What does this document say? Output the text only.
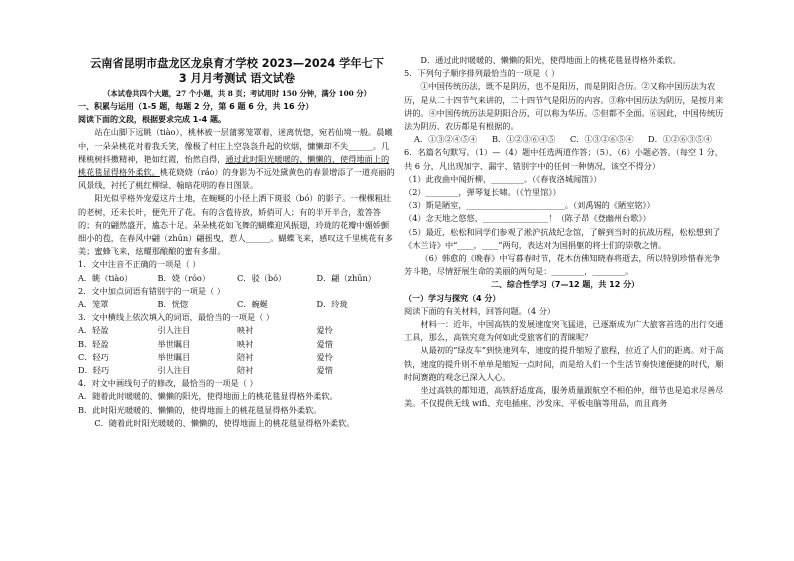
云南省昆明市盘龙区龙泉育才学校 2023—2024 学年七下
3 月月考测试 语文试卷
（本试卷共四个大题，27 个小题，共 8 页；考试用时 150 分钟，满分 100 分）

一、积累与运用（1-5 题，每题 2 分，第 6 题 6 分，共 16 分）

阅读下面的文段，根据要求完成 1-4 题。

站在山脚下远眺（tiào），桃林被一层蒲雾笼罩着，迷离恍惚，宛若仙境一般。晨曦中，一朵朵桃花对着我夭笑，像极了村庄上空袅袅升起的炊烟，慵懒却不失______。几棵桃树抖擞精神，艳如红霞，怡然自得，通过此时阳光暖暖的、懒懒的，使得地面上的桃花毯显得格外柔软。桃花娆娆（ráo）的身影为不远处黛黄色的春景增添了一道亮丽的风景线，衬托了桃红柳绿、翰暗花明的春日图景。

阳光似乎格外宠爱这片土地，在蜿蜒的小径上洒下斑驳（bó）的影子。一棵棵粗壮的老树，还未长叶，便先开了花。有的含苞待放，娇俏可人；有的半开半合，羞答答的；有的翩然盛开，尴态十足。朵朵桃花如飞舞的蝴蝶迎风振翅，玲珑的花瓣中媚娇颤细小的苞，在春风中翩（zhūn）翩摇曳，惹人______。蝴蝶飞来，感叹这千里桃花有多美；蜜蜂飞来，炫耀那酿酿的蜜有多甜。

1．文中注音不正确的一项是（ ）

A．眺（tiào）	B．娆（róo）	C．驳（bó）	D．翩（zhūn）

2．文中加点词语有错别字的一项是（ ）

A．笼罩	B．恍惚	C．蜿蜒	D．玲珑

3．文中横线上依次填入的词语，最恰当的一项是（ ）

A．轻盈	引人注目	映衬	爱怜
B．轻盈	举世瞩目	映衬	爱惜
C．轻巧	举世瞩目	陪衬	爱怜
D．轻巧	引人注目	陪衬	爱惜

4．对文中画线句子的修改，最恰当的一项是（ ）

A．随着此时暖暖的、懒懒的阳光，使得地面上的桃花毯显得格外柔软。

B．此时阳光暖暖的、懒懒的，使得地面上的桃花毯显得格外柔软。

C．随着此时阳光暖暖的、懒懒的，使得地面上的桃花毯显得格外柔软。

D．通过此时暖暖的、懒懒的阳光，使得地面上的桃花毯显得格外柔软。

5．下列句子顺序排列最恰当的一项是（ ）

①中国传统历法，既不是阴历，也不是阳历，而是阴阳合历。②又称中国历法为农历，是从二十四节气来讲的，二十四节气是阳历的内容。③称中国历法为阴历，是按月来讲的。④中国传统历法是阴阳合历，可以称为华历。⑤但都不全面。⑥因此，中国传统历法为阴历、农历都是有根据的。

A．①③②④⑤④	B．①②③⑥④⑤	C．①③②⑥⑤④	D．①②⑥③⑤④

6．名篇名句默写。（1）—（4）题中任选两道作答；（5）、（6）小题必答。（每空 1 分，共 6 分，凡出现加字、漏字、错别字中的任何一种情况，该空不得分）

（1）此夜曲中闻折柳，________。（《春夜洛城闻笛》）

（2）________，弹琴复长啸。（《竹里馆》）

（3）斯是陋室，________________________。（刘禹锡的《陋室铭》）

（4）念天地之悠悠，________________！（陈子昂《登幽州台歌》）

（5）最近，松松和同学们参观了淞沪抗战纪念馆，了解到当时的抗战历程，松松想到了《木兰诗》中“____，____”两句，表达对为国捐躯的将士们的崇敬之情。

（6）韩愈的《晚春》中写暮春时节，花木仿佛知晓春将逝去，所以特别珍惜春光争芳斗艳，尽情舒展生命的美丽的两句是：________，________。

二、综合性学习（7—12 题，共 12 分）

（一）学习与探究（4 分）

阅读下面的有关材料，回答问题。（4 分）

材料一：近年，中国高铁的发展速度突飞猛进，已逐渐成为广大旅客首选的出行交通工具，那么，高铁究竟为何如此受旅客们的青睐呢？

从最初的“绿皮车”到快速列车，速度的提升缩短了旅程，拉近了人们的距离。对于高铁，速度的提升则不单单是缩短一点时间，而是给人们一个生活节奏快速便捷的时代，顺时间赛跑的观念已深入人心。

坐过高铁的都知道，高铁舒适度高，服务质量跟航空不相伯仲，细节也是追求尽善尽美。不仅提供无线 wifi、充电插座、沙发床、平板电脑等用品，而且商务
